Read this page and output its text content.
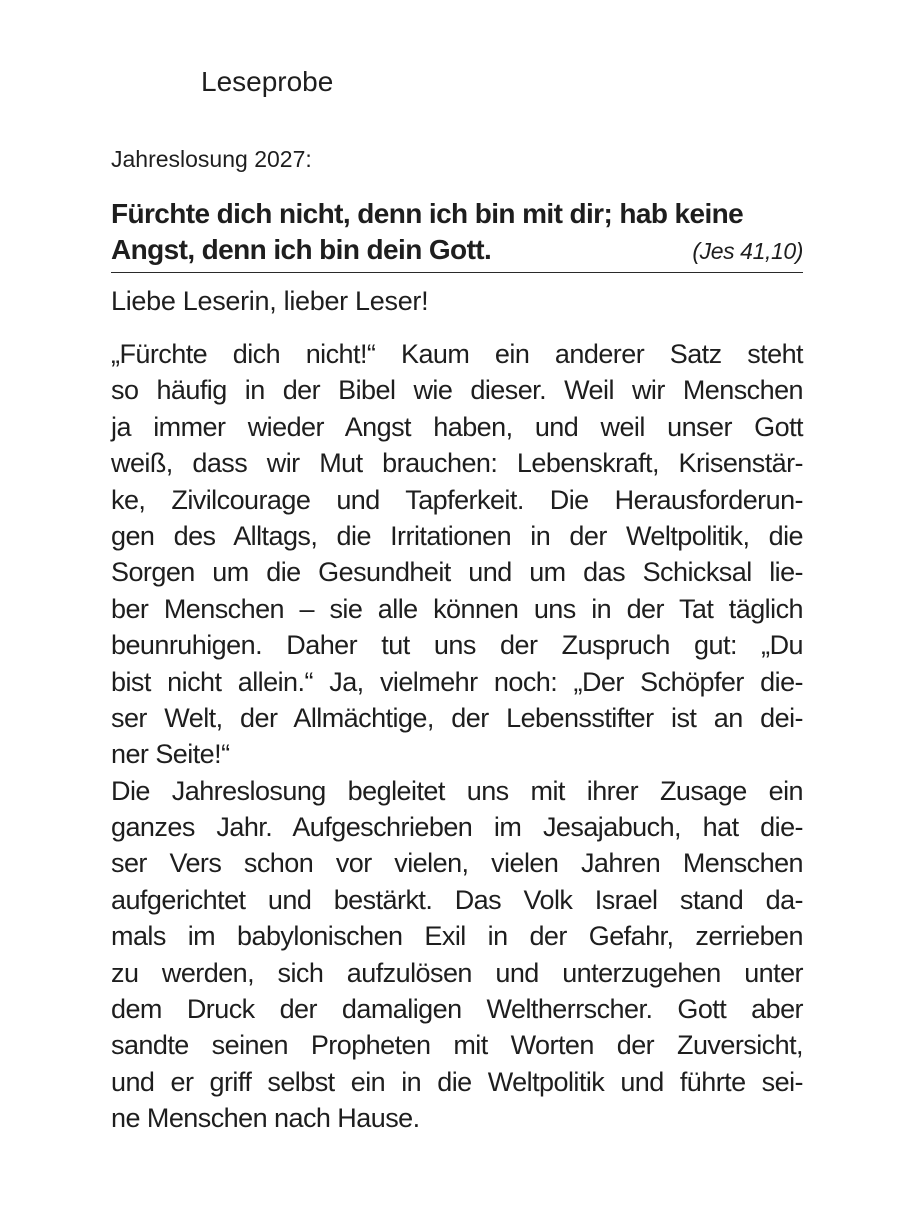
Leseprobe
Jahreslosung 2027:
Fürchte dich nicht, denn ich bin mit dir; hab keine
Angst, denn ich bin dein Gott.	(Jes 41,10)
Liebe Leserin, lieber Leser!
„Fürchte dich nicht!“ Kaum ein anderer Satz steht
so häufig in der Bibel wie dieser. Weil wir Menschen
ja immer wieder Angst haben, und weil unser Gott
weiß, dass wir Mut brauchen: Lebenskraft, Krisenstär-
ke, Zivilcourage und Tapferkeit. Die Herausforderun-
gen des Alltags, die Irritationen in der Weltpolitik, die
Sorgen um die Gesundheit und um das Schicksal lie-
ber Menschen – sie alle können uns in der Tat täglich
beunruhigen. Daher tut uns der Zuspruch gut: „Du
bist nicht allein.“ Ja, vielmehr noch: „Der Schöpfer die-
ser Welt, der Allmächtige, der Lebensstifter ist an dei-
ner Seite!“
Die Jahreslosung begleitet uns mit ihrer Zusage ein
ganzes Jahr. Aufgeschrieben im Jesajabuch, hat die-
ser Vers schon vor vielen, vielen Jahren Menschen
aufgerichtet und bestärkt. Das Volk Israel stand da-
mals im babylonischen Exil in der Gefahr, zerrieben
zu werden, sich aufzulösen und unterzugehen unter
dem Druck der damaligen Weltherrscher. Gott aber
sandte seinen Propheten mit Worten der Zuversicht,
und er griff selbst ein in die Weltpolitik und führte sei-
ne Menschen nach Hause.
